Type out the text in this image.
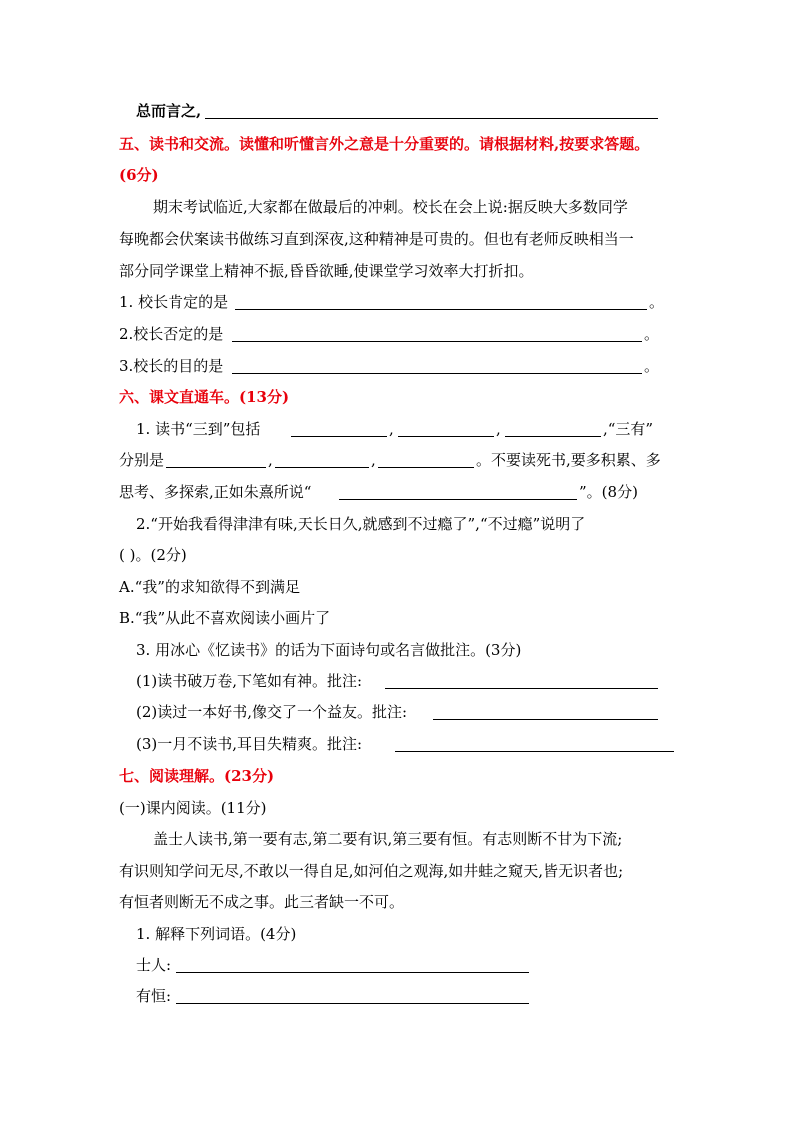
总而言之,
五、读书和交流。读懂和听懂言外之意是十分重要的。请根据材料,按要求答题。
(6分)
期末考试临近,大家都在做最后的冲刺。校长在会上说:据反映大多数同学
每晚都会伏案读书做练习直到深夜,这种精神是可贵的。但也有老师反映相当一
部分同学课堂上精神不振,昏昏欲睡,使课堂学习效率大打折扣。
1. 校长肯定的是	。
2.校长否定的是	。
3.校长的目的是	。
六、课文直通车。(13分)
1. 读书“三到”包括	,	,	,“三有”
分别是	,	,	。不要读死书,要多积累、多
思考、多探索,正如朱熹所说“	”。(8分)
2.“开始我看得津津有味,天长日久,就感到不过瘾了”,“不过瘾”说明了
( )。(2分)
A.“我”的求知欲得不到满足
B.“我”从此不喜欢阅读小画片了
3. 用冰心《忆读书》的话为下面诗句或名言做批注。(3分)
(1)读书破万卷,下笔如有神。批注:
(2)读过一本好书,像交了一个益友。批注:
(3)一月不读书,耳目失精爽。批注:
七、阅读理解。(23分)
(一)课内阅读。(11分)
盖士人读书,第一要有志,第二要有识,第三要有恒。有志则断不甘为下流;
有识则知学问无尽,不敢以一得自足,如河伯之观海,如井蛙之窥天,皆无识者也;
有恒者则断无不成之事。此三者缺一不可。
1. 解释下列词语。(4分)
士人:
有恒:
